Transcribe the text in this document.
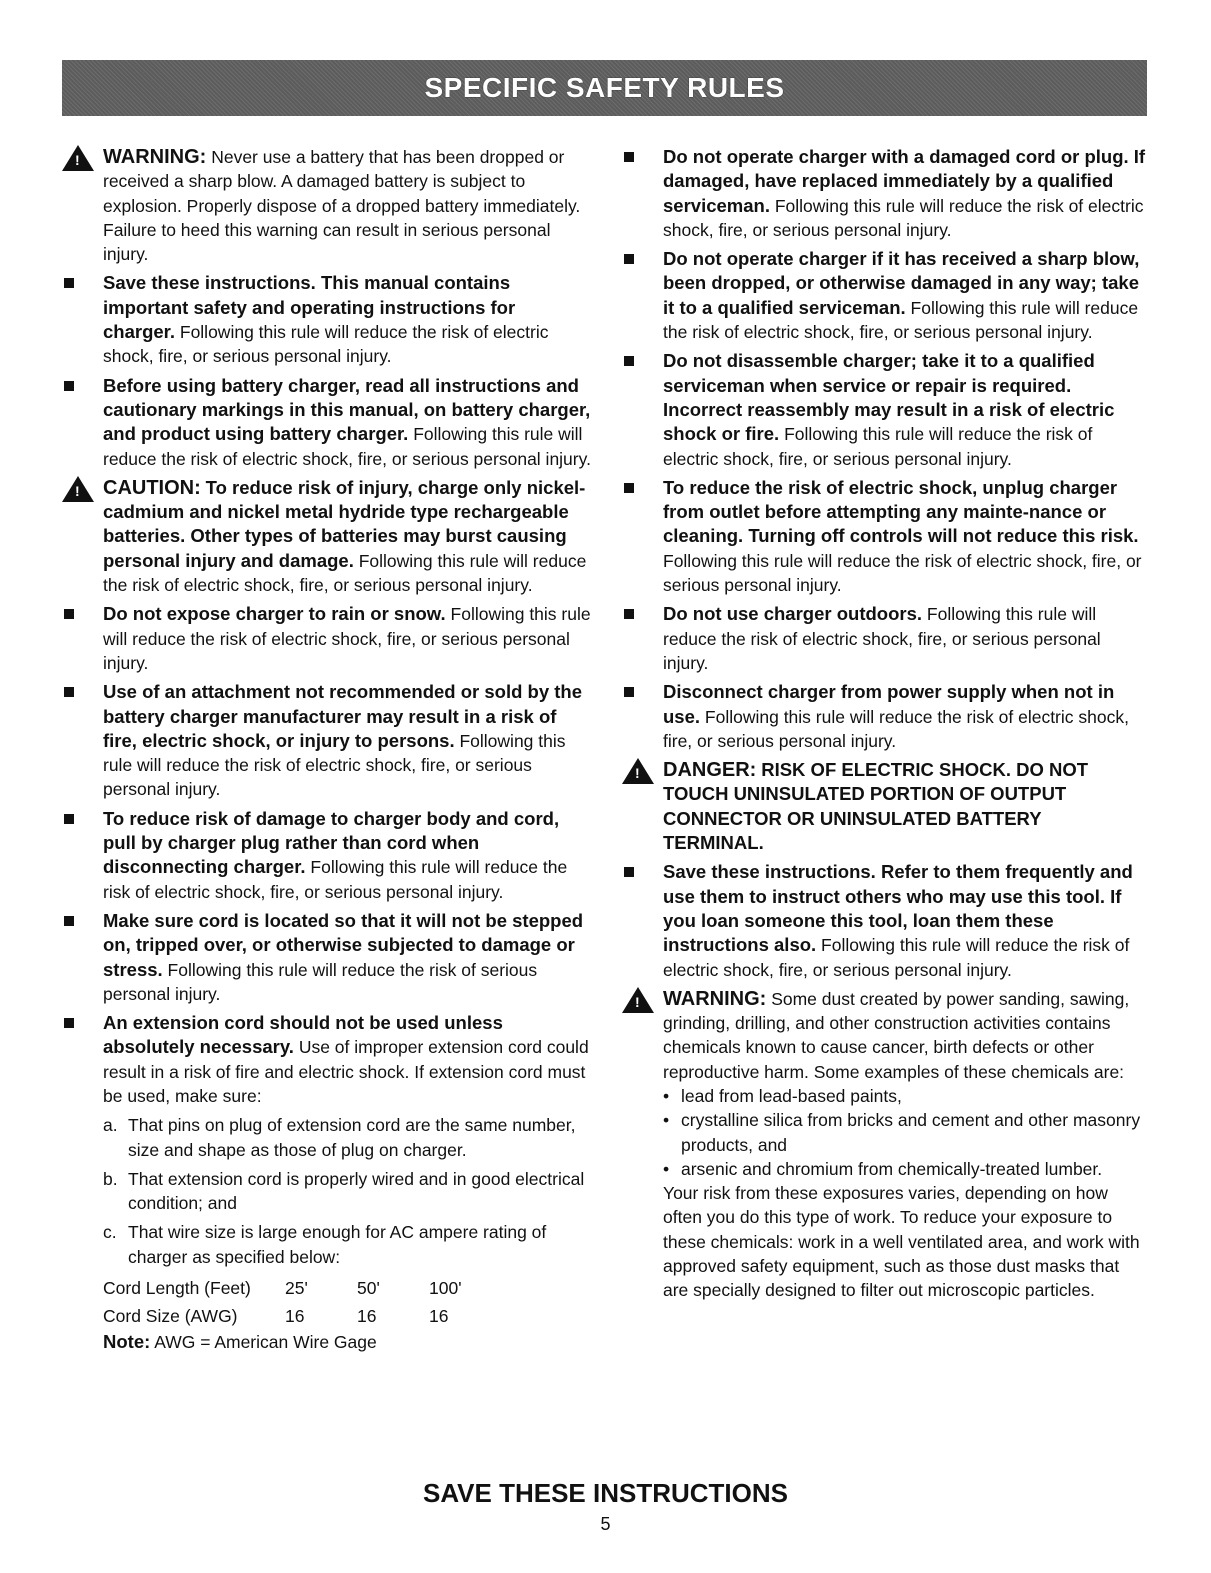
SPECIFIC SAFETY RULES
! WARNING: Never use a battery that has been dropped or received a sharp blow. A damaged battery is subject to explosion. Properly dispose of a dropped battery immediately. Failure to heed this warning can result in serious personal injury.
Save these instructions. This manual contains important safety and operating instructions for charger. Following this rule will reduce the risk of electric shock, fire, or serious personal injury.
Before using battery charger, read all instructions and cautionary markings in this manual, on battery charger, and product using battery charger. Following this rule will reduce the risk of electric shock, fire, or serious personal injury.
! CAUTION: To reduce risk of injury, charge only nickel-cadmium and nickel metal hydride type rechargeable batteries. Other types of batteries may burst causing personal injury and damage. Following this rule will reduce the risk of electric shock, fire, or serious personal injury.
Do not expose charger to rain or snow. Following this rule will reduce the risk of electric shock, fire, or serious personal injury.
Use of an attachment not recommended or sold by the battery charger manufacturer may result in a risk of fire, electric shock, or injury to persons. Following this rule will reduce the risk of electric shock, fire, or serious personal injury.
To reduce risk of damage to charger body and cord, pull by charger plug rather than cord when disconnecting charger. Following this rule will reduce the risk of electric shock, fire, or serious personal injury.
Make sure cord is located so that it will not be stepped on, tripped over, or otherwise subjected to damage or stress. Following this rule will reduce the risk of serious personal injury.
An extension cord should not be used unless absolutely necessary. Use of improper extension cord could result in a risk of fire and electric shock. If extension cord must be used, make sure:
a. That pins on plug of extension cord are the same number, size and shape as those of plug on charger.
b. That extension cord is properly wired and in good electrical condition; and
c. That wire size is large enough for AC ampere rating of charger as specified below:
Cord Length (Feet)	25'	50'	100'
Cord Size (AWG)	16	16	16
Note: AWG = American Wire Gage
Do not operate charger with a damaged cord or plug. If damaged, have replaced immediately by a qualified serviceman. Following this rule will reduce the risk of electric shock, fire, or serious personal injury.
Do not operate charger if it has received a sharp blow, been dropped, or otherwise damaged in any way; take it to a qualified serviceman. Following this rule will reduce the risk of electric shock, fire, or serious personal injury.
Do not disassemble charger; take it to a qualified serviceman when service or repair is required. Incorrect reassembly may result in a risk of electric shock or fire. Following this rule will reduce the risk of electric shock, fire, or serious personal injury.
To reduce the risk of electric shock, unplug charger from outlet before attempting any mainte-nance or cleaning. Turning off controls will not reduce this risk. Following this rule will reduce the risk of electric shock, fire, or serious personal injury.
Do not use charger outdoors. Following this rule will reduce the risk of electric shock, fire, or serious personal injury.
Disconnect charger from power supply when not in use. Following this rule will reduce the risk of electric shock, fire, or serious personal injury.
! DANGER: RISK OF ELECTRIC SHOCK. DO NOT TOUCH UNINSULATED PORTION OF OUTPUT CONNECTOR OR UNINSULATED BATTERY TERMINAL.
Save these instructions. Refer to them frequently and use them to instruct others who may use this tool. If you loan someone this tool, loan them these instructions also. Following this rule will reduce the risk of electric shock, fire, or serious personal injury.
! WARNING: Some dust created by power sanding, sawing, grinding, drilling, and other construction activities contains chemicals known to cause cancer, birth defects or other reproductive harm. Some examples of these chemicals are:
• lead from lead-based paints,
• crystalline silica from bricks and cement and other masonry products, and
• arsenic and chromium from chemically-treated lumber.
Your risk from these exposures varies, depending on how often you do this type of work. To reduce your exposure to these chemicals: work in a well ventilated area, and work with approved safety equipment, such as those dust masks that are specially designed to filter out microscopic particles.
SAVE THESE INSTRUCTIONS
5
